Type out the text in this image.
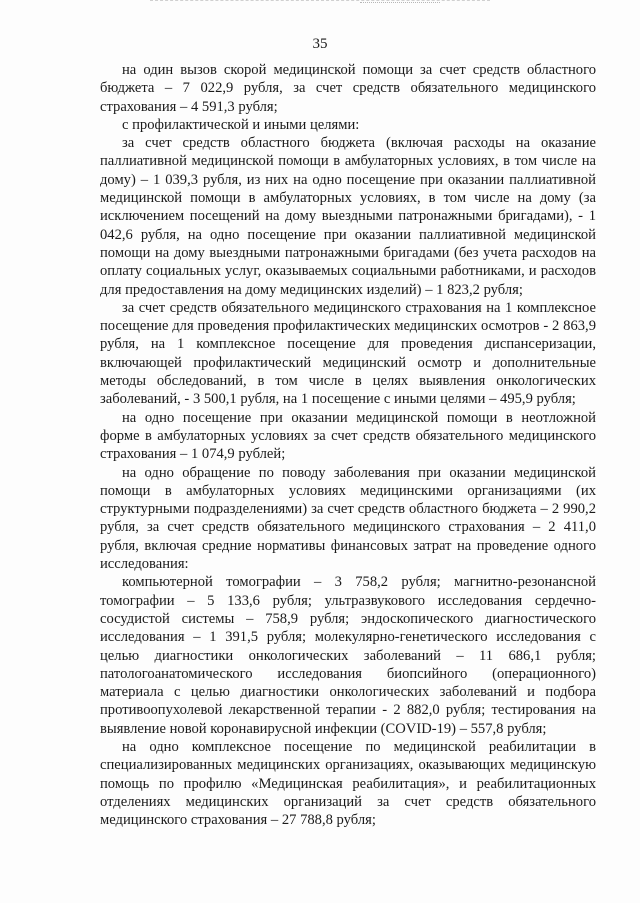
35

на один вызов скорой медицинской помощи за счет средств областного бюджета – 7 022,9 рубля, за счет средств обязательного медицинского страхования – 4 591,3 рубля;

с профилактической и иными целями:

за счет средств областного бюджета (включая расходы на оказание паллиативной медицинской помощи в амбулаторных условиях, в том числе на дому) – 1 039,3 рубля, из них на одно посещение при оказании паллиативной медицинской помощи в амбулаторных условиях, в том числе на дому (за исключением посещений на дому выездными патронажными бригадами), - 1 042,6 рубля, на одно посещение при оказании паллиативной медицинской помощи на дому выездными патронажными бригадами (без учета расходов на оплату социальных услуг, оказываемых социальными работниками, и расходов для предоставления на дому медицинских изделий) – 1 823,2 рубля;

за счет средств обязательного медицинского страхования на 1 комплексное посещение для проведения профилактических медицинских осмотров - 2 863,9 рубля, на 1 комплексное посещение для проведения диспансеризации, включающей профилактический медицинский осмотр и дополнительные методы обследований, в том числе в целях выявления онкологических заболеваний, - 3 500,1 рубля, на 1 посещение с иными целями – 495,9 рубля;

на одно посещение при оказании медицинской помощи в неотложной форме в амбулаторных условиях за счет средств обязательного медицинского страхования – 1 074,9 рублей;

на одно обращение по поводу заболевания при оказании медицинской помощи в амбулаторных условиях медицинскими организациями (их структурными подразделениями) за счет средств областного бюджета – 2 990,2 рубля, за счет средств обязательного медицинского страхования – 2 411,0 рубля, включая средние нормативы финансовых затрат на проведение одного исследования:

компьютерной томографии – 3 758,2 рубля; магнитно-резонансной томографии – 5 133,6 рубля; ультразвукового исследования сердечно-сосудистой системы – 758,9 рубля; эндоскопического диагностического исследования – 1 391,5 рубля; молекулярно-генетического исследования с целью диагностики онкологических заболеваний – 11 686,1 рубля; патологоанатомического исследования биопсийного (операционного) материала с целью диагностики онкологических заболеваний и подбора противоопухолевой лекарственной терапии - 2 882,0 рубля; тестирования на выявление новой коронавирусной инфекции (COVID-19) – 557,8 рубля;

на одно комплексное посещение по медицинской реабилитации в специализированных медицинских организациях, оказывающих медицинскую помощь по профилю «Медицинская реабилитация», и реабилитационных отделениях медицинских организаций за счет средств обязательного медицинского страхования – 27 788,8 рубля;
